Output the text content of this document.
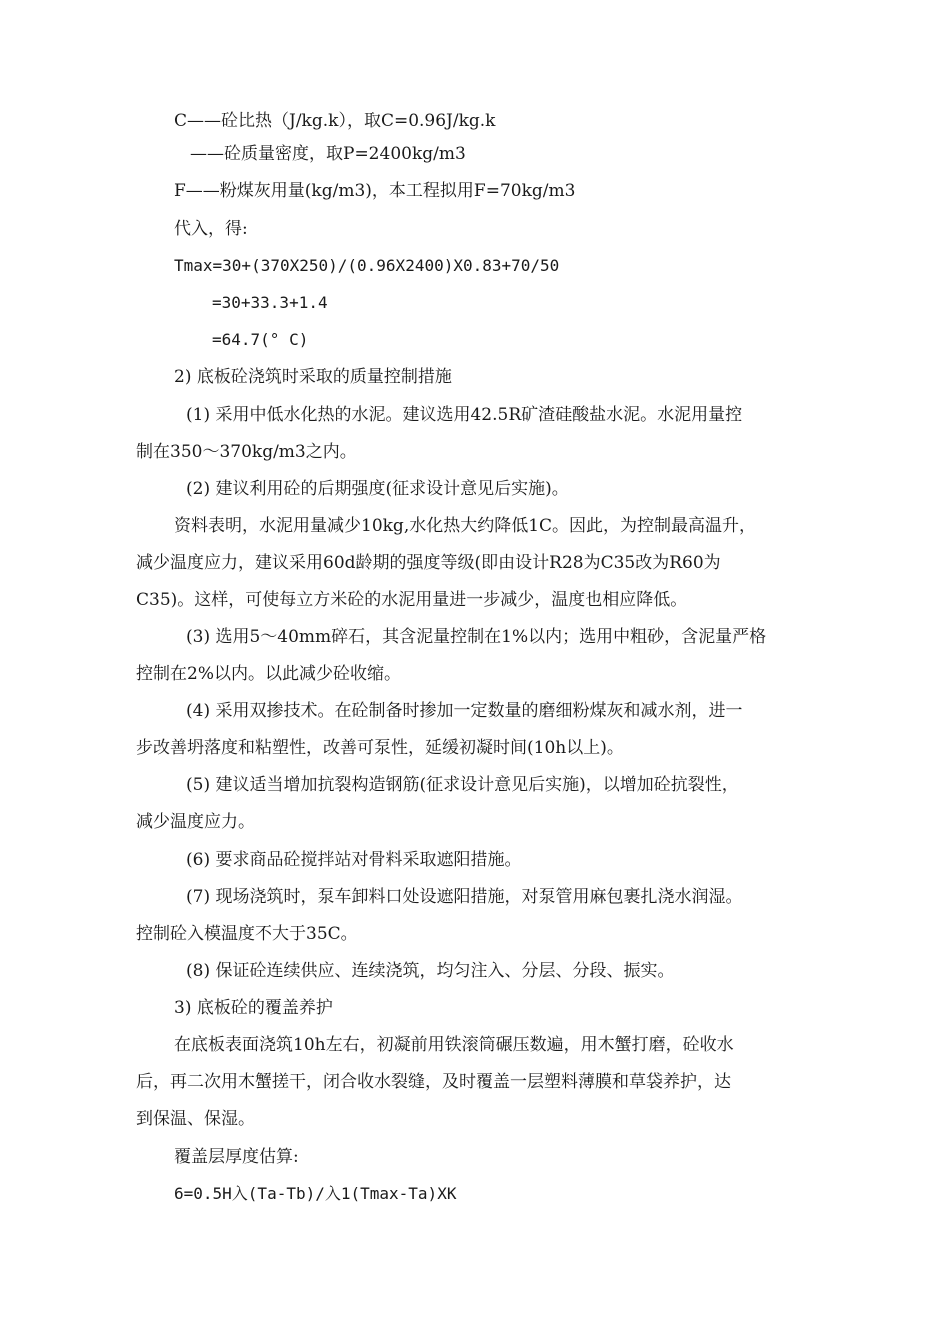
C——砼比热（J/kg.k），取C=0.96J/kg.k
——砼质量密度，取P=2400kg/m3
F——粉煤灰用量(kg/m3)，本工程拟用F=70kg/m3
代入，得:
Tmax=30+(370X250)/(0.96X2400)X0.83+70/50
=30+33.3+1.4
=64.7(° C)
2) 底板砼浇筑时采取的质量控制措施
(1) 采用中低水化热的水泥。建议选用42.5R矿渣硅酸盐水泥。水泥用量控
制在350〜370kg/m3之内。
(2) 建议利用砼的后期强度(征求设计意见后实施)。
资料表明，水泥用量减少10kg,水化热大约降低1C。因此，为控制最高温升，
减少温度应力，建议采用60d龄期的强度等级(即由设计R28为C35改为R60为
C35)。这样，可使每立方米砼的水泥用量进一步减少，温度也相应降低。
(3) 选用5〜40mm碎石，其含泥量控制在1%以内；选用中粗砂，含泥量严格
控制在2%以内。以此减少砼收缩。
(4) 采用双掺技术。在砼制备时掺加一定数量的磨细粉煤灰和减水剂，进一
步改善坍落度和粘塑性，改善可泵性，延缓初凝时间(10h以上)。
(5) 建议适当增加抗裂构造钢筋(征求设计意见后实施)，以增加砼抗裂性，
减少温度应力。
(6) 要求商品砼搅拌站对骨料采取遮阳措施。
(7) 现场浇筑时，泵车卸料口处设遮阳措施，对泵管用麻包裹扎浇水润湿。
控制砼入模温度不大于35C。
(8) 保证砼连续供应、连续浇筑，均匀注入、分层、分段、振实。
3) 底板砼的覆盖养护
在底板表面浇筑10h左右，初凝前用铁滚筒碾压数遍，用木蟹打磨，砼收水
后，再二次用木蟹搓干，闭合收水裂缝，及时覆盖一层塑料薄膜和草袋养护，达
到保温、保湿。
覆盖层厚度估算:
6=0.5H入(Ta-Tb)/入1(Tmax-Ta)XK
